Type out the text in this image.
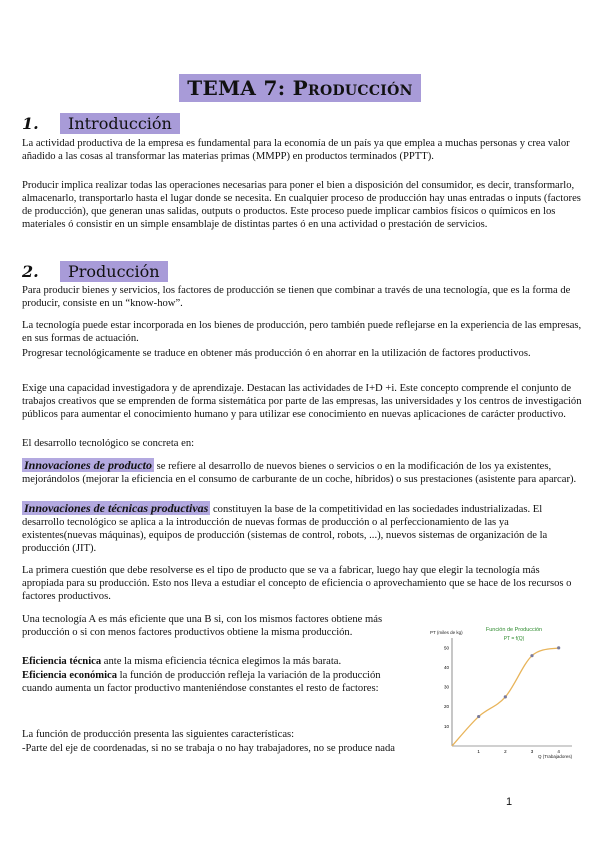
TEMA 7: Producción
1. Introducción
La actividad productiva de la empresa es fundamental para la economía de un país ya que emplea a muchas personas y crea valor añadido a las cosas al transformar las materias primas (MMPP) en productos terminados (PPTT).
Producir implica realizar todas las operaciones necesarias para poner el bien a disposición del consumidor, es decir, transformarlo, almacenarlo, transportarlo hasta el lugar donde se necesita. En cualquier proceso de producción hay unas entradas o inputs (factores de producción), que generan unas salidas, outputs o productos. Este proceso puede implicar cambios físicos o químicos en los materiales ó consistir en un simple ensamblaje de distintas partes ó en una actividad o prestación de servicios.
2. Producción
Para producir bienes y servicios, los factores de producción se tienen que combinar a través de una tecnología, que es la forma de producir, consiste en un “know-how”.
La tecnología puede estar incorporada en los bienes de producción, pero también puede reflejarse en la experiencia de las empresas, en sus formas de actuación.
Progresar tecnológicamente se traduce en obtener más producción ó en ahorrar en la utilización de factores productivos.
Exige una capacidad investigadora y de aprendizaje. Destacan las actividades de I+D +i. Este concepto comprende el conjunto de trabajos creativos que se emprenden de forma sistemática por parte de las empresas, las universidades y los centros de investigación públicos para aumentar el conocimiento humano y para utilizar ese conocimiento en nuevas aplicaciones de carácter productivo.
El desarrollo tecnológico se concreta en:
Innovaciones de producto se refiere al desarrollo de nuevos bienes o servicios o en la modificación de los ya existentes, mejorándolos (mejorar la eficiencia en el consumo de carburante de un coche, híbridos) o sus prestaciones (asistente para aparcar).
Innovaciones de técnicas productivas constituyen la base de la competitividad en las sociedades industrializadas. El desarrollo tecnológico se aplica a la introducción de nuevas formas de producción o al perfeccionamiento de las ya existentes(nuevas máquinas), equipos de producción (sistemas de control, robots, ...), nuevos sistemas de organización de la producción (JIT).
La primera cuestión que debe resolverse es el tipo de producto que se va a fabricar, luego hay que elegir la tecnología más apropiada para su producción. Esto nos lleva a estudiar el concepto de eficiencia o aprovechamiento que se hace de los recursos o factores productivos.
Una tecnología A es más eficiente que una B si, con los mismos factores obtiene más producción o si con menos factores productivos obtiene la misma producción.
Eficiencia técnica ante la misma eficiencia técnica elegimos la más barata.
Eficiencia económica la función de producción refleja la variación de la producción cuando aumenta un factor productivo manteniéndose constantes el resto de factores:
La función de producción presenta las siguientes características:
-Parte del eje de coordenadas, si no se trabaja o no hay trabajadores, no se produce nada
Función de Producción
PT = f(Q)
PT (miles de kg)
Q (Trabajadores)
10
20
30
40
50
1	2	3	4
1
